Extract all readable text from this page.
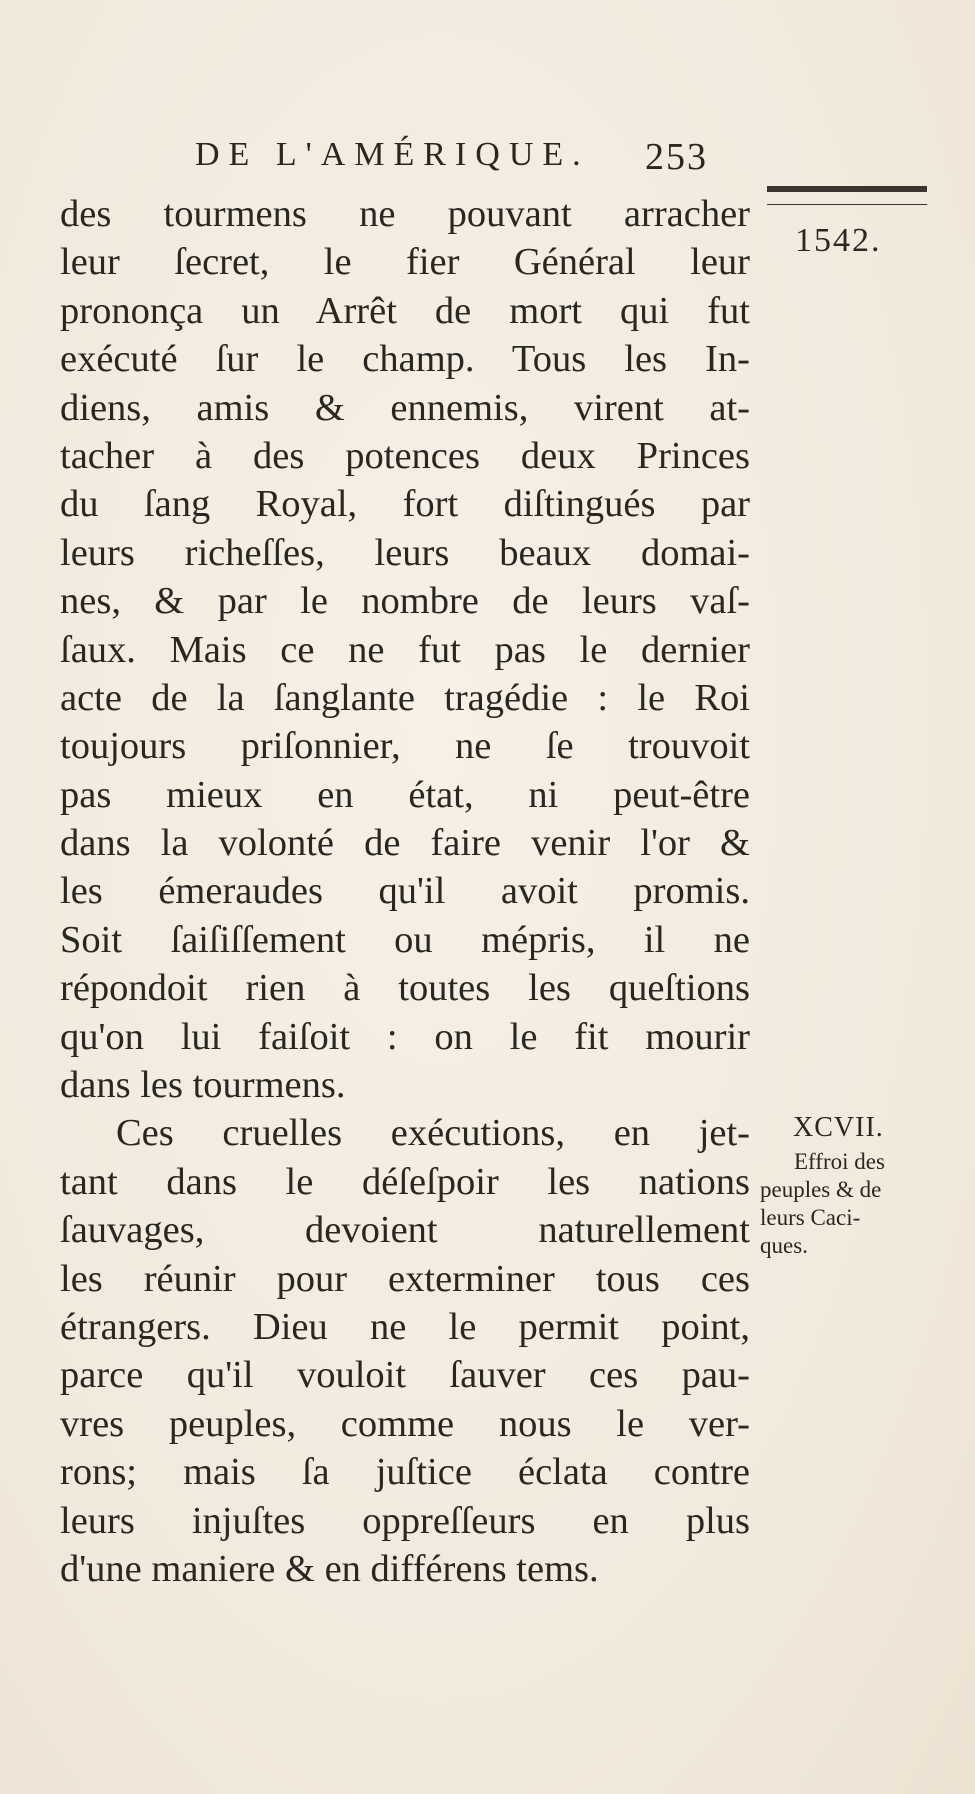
DE L'AMÉRIQUE.	253
1542.
des tourmens ne pouvant arracher
leur ſecret, le fier Général leur
prononça un Arrêt de mort qui fut
exécuté ſur le champ. Tous les In-
diens, amis & ennemis, virent at-
tacher à des potences deux Princes
du ſang Royal, fort diſtingués par
leurs richeſſes, leurs beaux domai-
nes, & par le nombre de leurs vaſ-
ſaux. Mais ce ne fut pas le dernier
acte de la ſanglante tragédie : le Roi
toujours priſonnier, ne ſe trouvoit
pas mieux en état, ni peut-être
dans la volonté de faire venir l'or &
les émeraudes qu'il avoit promis.
Soit ſaiſiſſement ou mépris, il ne
répondoit rien à toutes les queſtions
qu'on lui faiſoit : on le fit mourir
dans les tourmens.
Ces cruelles exécutions, en jet-
tant dans le déſeſpoir les nations
ſauvages, devoient naturellement
les réunir pour exterminer tous ces
étrangers. Dieu ne le permit point,
parce qu'il vouloit ſauver ces pau-
vres peuples, comme nous le ver-
rons; mais ſa juſtice éclata contre
leurs injuſtes oppreſſeurs en plus
d'une maniere & en différens tems.
XCVII.
Effroi des
peuples & de
leurs Caci-
ques.
